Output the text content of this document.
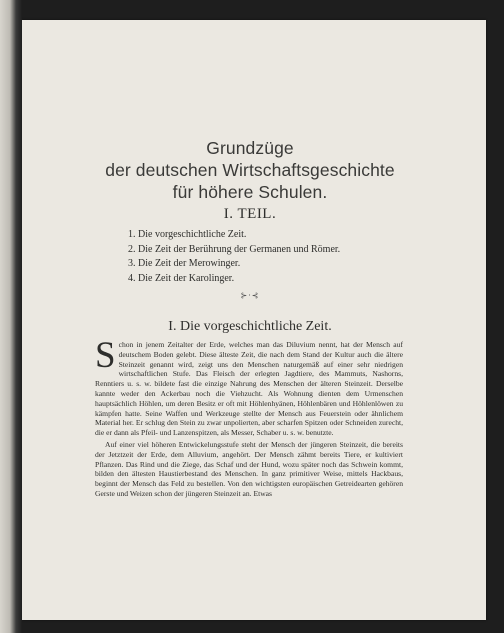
Grundzüge
der deutschen Wirtschaftsgeschichte
für höhere Schulen.
I. TEIL.
1. Die vorgeschichtliche Zeit.
2. Die Zeit der Berührung der Germanen und Römer.
3. Die Zeit der Merowinger.
4. Die Zeit der Karolinger.
⊱·⊰
I. Die vorgeschichtliche Zeit.

Schon in jenem Zeitalter der Erde, welches man das Diluvium nennt, hat der Mensch auf deutschem Boden gelebt. Diese älteste Zeit, die nach dem Stand der Kultur auch die ältere Steinzeit genannt wird, zeigt uns den Menschen naturgemäß auf einer sehr niedrigen wirtschaftlichen Stufe. Das Fleisch der erlegten Jagdtiere, des Mammuts, Nashorns, Renntiers u. s. w. bildete fast die einzige Nahrung des Menschen der älteren Steinzeit. Derselbe kannte weder den Ackerbau noch die Viehzucht. Als Wohnung dienten dem Urmenschen hauptsächlich Höhlen, um deren Besitz er oft mit Höhlenhyänen, Höhlenbären und Höhlenlöwen zu kämpfen hatte. Seine Waffen und Werkzeuge stellte der Mensch aus Feuerstein oder ähnlichem Material her. Er schlug den Stein zu zwar unpolierten, aber scharfen Spitzen oder Schneiden zurecht, die er dann als Pfeil- und Lanzenspitzen, als Messer, Schaber u. s. w. benutzte.

Auf einer viel höheren Entwickelungsstufe steht der Mensch der jüngeren Steinzeit, die bereits der Jetztzeit der Erde, dem Alluvium, angehört. Der Mensch zähmt bereits Tiere, er kultiviert Pflanzen. Das Rind und die Ziege, das Schaf und der Hund, wozu später noch das Schwein kommt, bilden den ältesten Haustierbestand des Menschen. In ganz primitiver Weise, mittels Hackbaus, beginnt der Mensch das Feld zu bestellen. Von den wichtigsten europäischen Getreidearten gehören Gerste und Weizen schon der jüngeren Steinzeit an. Etwas
